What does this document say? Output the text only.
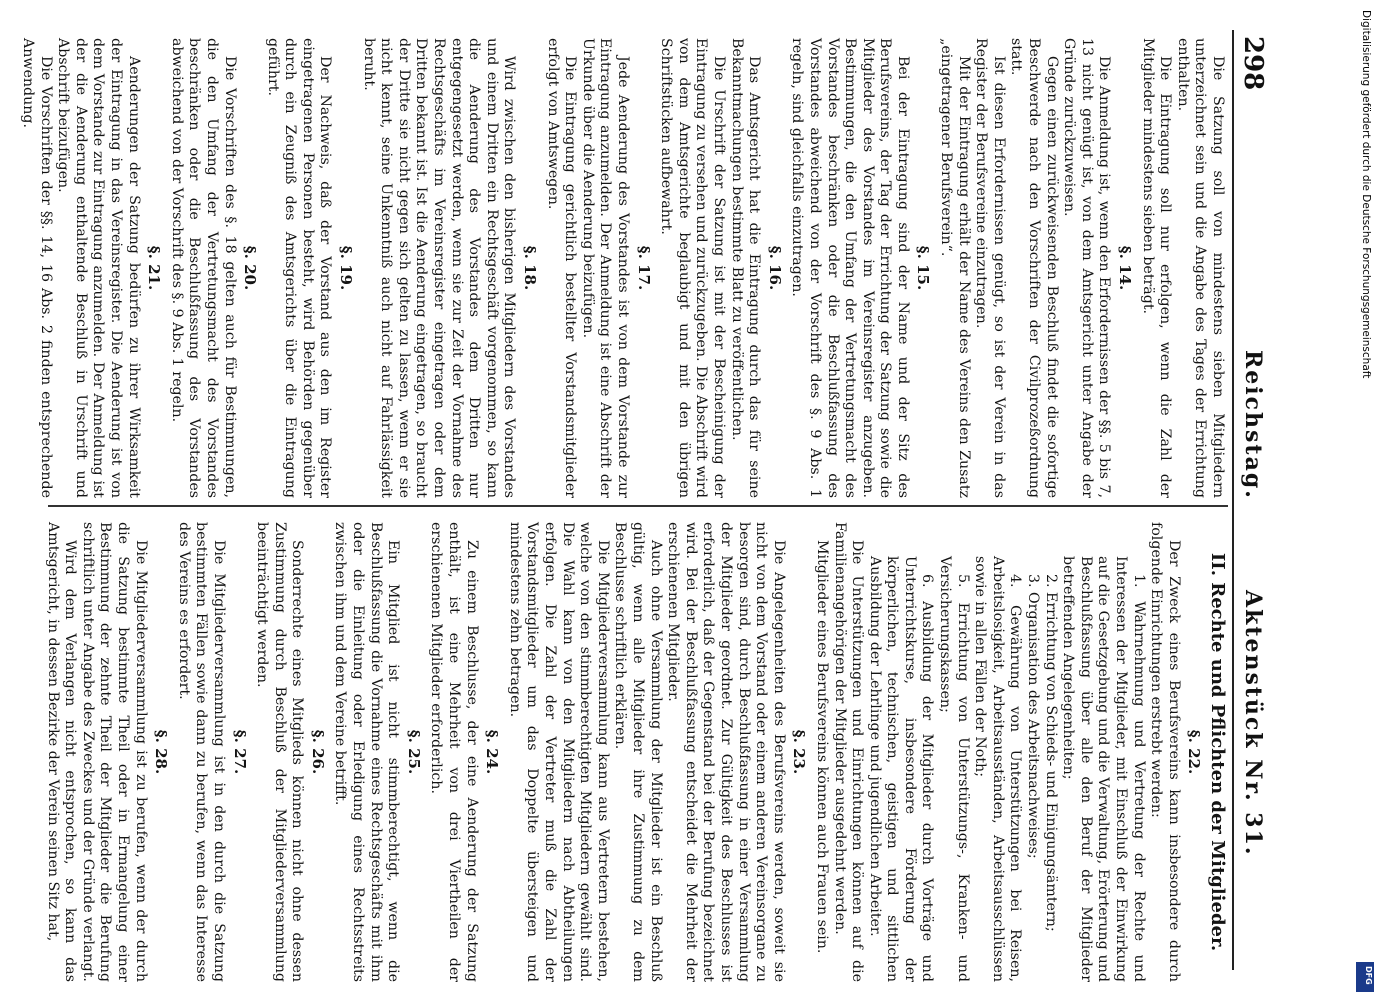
298
Reichstag.
Aktenstück Nr. 31.

Die Satzung soll von mindestens sieben Mitgliedern unterzeichnet sein und die Angabe des Tages der Errichtung enthalten.

Die Eintragung soll nur erfolgen, wenn die Zahl der Mitglieder mindestens sieben beträgt.

§. 14.

Die Anmeldung ist, wenn den Erfordernissen der §§. 5 bis 7, 13 nicht genügt ist, von dem Amtsgericht unter Angabe der Gründe zurückzuweisen.

Gegen einen zurückweisenden Beschluß findet die sofortige Beschwerde nach den Vorschriften der Civilprozeßordnung statt.

Ist diesen Erfordernissen genügt, so ist der Verein in das Register der Berufsvereine einzutragen.

Mit der Eintragung erhält der Name des Vereins den Zusatz „eingetragener Berufsverein“.

§. 15.

Bei der Eintragung sind der Name und der Sitz des Berufsvereins, der Tag der Errichtung der Satzung sowie die Mitglieder des Vorstandes im Vereinsregister anzugeben. Bestimmungen, die den Umfang der Vertretungsmacht des Vorstandes beschränken oder die Beschlußfassung des Vorstandes abweichend von der Vorschrift des §. 9 Abs. 1 regeln, sind gleichfalls einzutragen.

§. 16.

Das Amtsgericht hat die Eintragung durch das für seine Bekanntmachungen bestimmte Blatt zu veröffentlichen.

Die Urschrift der Satzung ist mit der Bescheinigung der Eintragung zu versehen und zurückzugeben. Die Abschrift wird von dem Amtsgerichte beglaubigt und mit den übrigen Schriftstücken aufbewahrt.

§. 17.

Jede Aenderung des Vorstandes ist von dem Vorstande zur Eintragung anzumelden. Der Anmeldung ist eine Abschrift der Urkunde über die Aenderung beizufügen.

Die Eintragung gerichtlich bestellter Vorstandsmitglieder erfolgt von Amtswegen.

§. 18.

Wird zwischen den bisherigen Mitgliedern des Vorstandes und einem Dritten ein Rechtsgeschäft vorgenommen, so kann die Aenderung des Vorstandes dem Dritten nur entgegengesetzt werden, wenn sie zur Zeit der Vornahme des Rechtsgeschäfts im Vereinsregister eingetragen oder dem Dritten bekannt ist. Ist die Aenderung eingetragen, so braucht der Dritte sie nicht gegen sich gelten zu lassen, wenn er sie nicht kennt, seine Unkenntniß auch nicht auf Fahrlässigkeit beruht.

§. 19.

Der Nachweis, daß der Vorstand aus den im Register eingetragenen Personen besteht, wird Behörden gegenüber durch ein Zeugniß des Amtsgerichts über die Eintragung geführt.

§. 20.

Die Vorschriften des §. 18 gelten auch für Bestimmungen, die den Umfang der Vertretungsmacht des Vorstandes beschränken oder die Beschlußfassung des Vorstandes abweichend von der Vorschrift des §. 9 Abs. 1 regeln.

§. 21.

Aenderungen der Satzung bedürfen zu ihrer Wirksamkeit der Eintragung in das Vereinsregister. Die Aenderung ist von dem Vorstande zur Eintragung anzumelden. Der Anmeldung ist der die Aenderung enthaltende Beschluß in Urschrift und Abschrift beizufügen.

Die Vorschriften der §§. 14, 16 Abs. 2 finden entsprechende Anwendung.

II. Rechte und Pflichten der Mitglieder.
§. 22.

Der Zweck eines Berufsvereins kann insbesondere durch folgende Einrichtungen erstrebt werden:

1. Wahrnehmung und Vertretung der Rechte und Interessen der Mitglieder, mit Einschluß der Einwirkung auf die Gesetzgebung und die Verwaltung, Erörterung und Beschlußfassung über alle den Beruf der Mitglieder betreffenden Angelegenheiten;

2. Errichtung von Schieds- und Einigungsämtern;

3. Organisation des Arbeitsnachweises;

4. Gewährung von Unterstützungen bei Reisen, Arbeitslosigkeit, Arbeitsausständen, Arbeitsausschlüssen sowie in allen Fällen der Noth;

5. Errichtung von Unterstützungs-, Kranken- und Versicherungskassen;

6. Ausbildung der Mitglieder durch Vorträge und Unterrichtskurse, insbesondere Förderung der körperlichen, technischen, geistigen und sittlichen Ausbildung der Lehrlinge und jugendlichen Arbeiter.

Die Unterstützungen und Einrichtungen können auf die Familienangehörigen der Mitglieder ausgedehnt werden.

Mitglieder eines Berufsvereins können auch Frauen sein.

§. 23.

Die Angelegenheiten des Berufsvereins werden, soweit sie nicht von dem Vorstand oder einem anderen Vereinsorgane zu besorgen sind, durch Beschlußfassung in einer Versammlung der Mitglieder geordnet. Zur Gültigkeit des Beschlusses ist erforderlich, daß der Gegenstand bei der Berufung bezeichnet wird. Bei der Beschlußfassung entscheidet die Mehrheit der erschienenen Mitglieder.

Auch ohne Versammlung der Mitglieder ist ein Beschluß gültig, wenn alle Mitglieder ihre Zustimmung zu dem Beschlusse schriftlich erklären.

Die Mitgliederversammlung kann aus Vertretern bestehen, welche von den stimmberechtigten Mitgliedern gewählt sind. Die Wahl kann von den Mitgliedern nach Abtheilungen erfolgen. Die Zahl der Vertreter muß die Zahl der Vorstandsmitglieder um das Doppelte übersteigen und mindestens zehn betragen.

§. 24.

Zu einem Beschlusse, der eine Aenderung der Satzung enthält, ist eine Mehrheit von drei Viertheilen der erschienenen Mitglieder erforderlich.

§. 25.

Ein Mitglied ist nicht stimmberechtigt, wenn die Beschlußfassung die Vornahme eines Rechtsgeschäfts mit ihm oder die Einleitung oder Erledigung eines Rechtsstreits zwischen ihm und dem Vereine betrifft.

§. 26.

Sonderrechte eines Mitglieds können nicht ohne dessen Zustimmung durch Beschluß der Mitgliederversammlung beeinträchtigt werden.

§. 27.

Die Mitgliederversammlung ist in den durch die Satzung bestimmten Fällen sowie dann zu berufen, wenn das Interesse des Vereins es erfordert.

§. 28.

Die Mitgliederversammlung ist zu berufen, wenn der durch die Satzung bestimmte Theil oder in Ermangelung einer Bestimmung der zehnte Theil der Mitglieder die Berufung schriftlich unter Angabe des Zweckes und der Gründe verlangt.

Wird dem Verlangen nicht entsprochen, so kann das Amtsgericht, in dessen Bezirke der Verein seinen Sitz hat,

Digitalisierung gefördert durch die Deutsche Forschungsgemeinschaft
DFG
